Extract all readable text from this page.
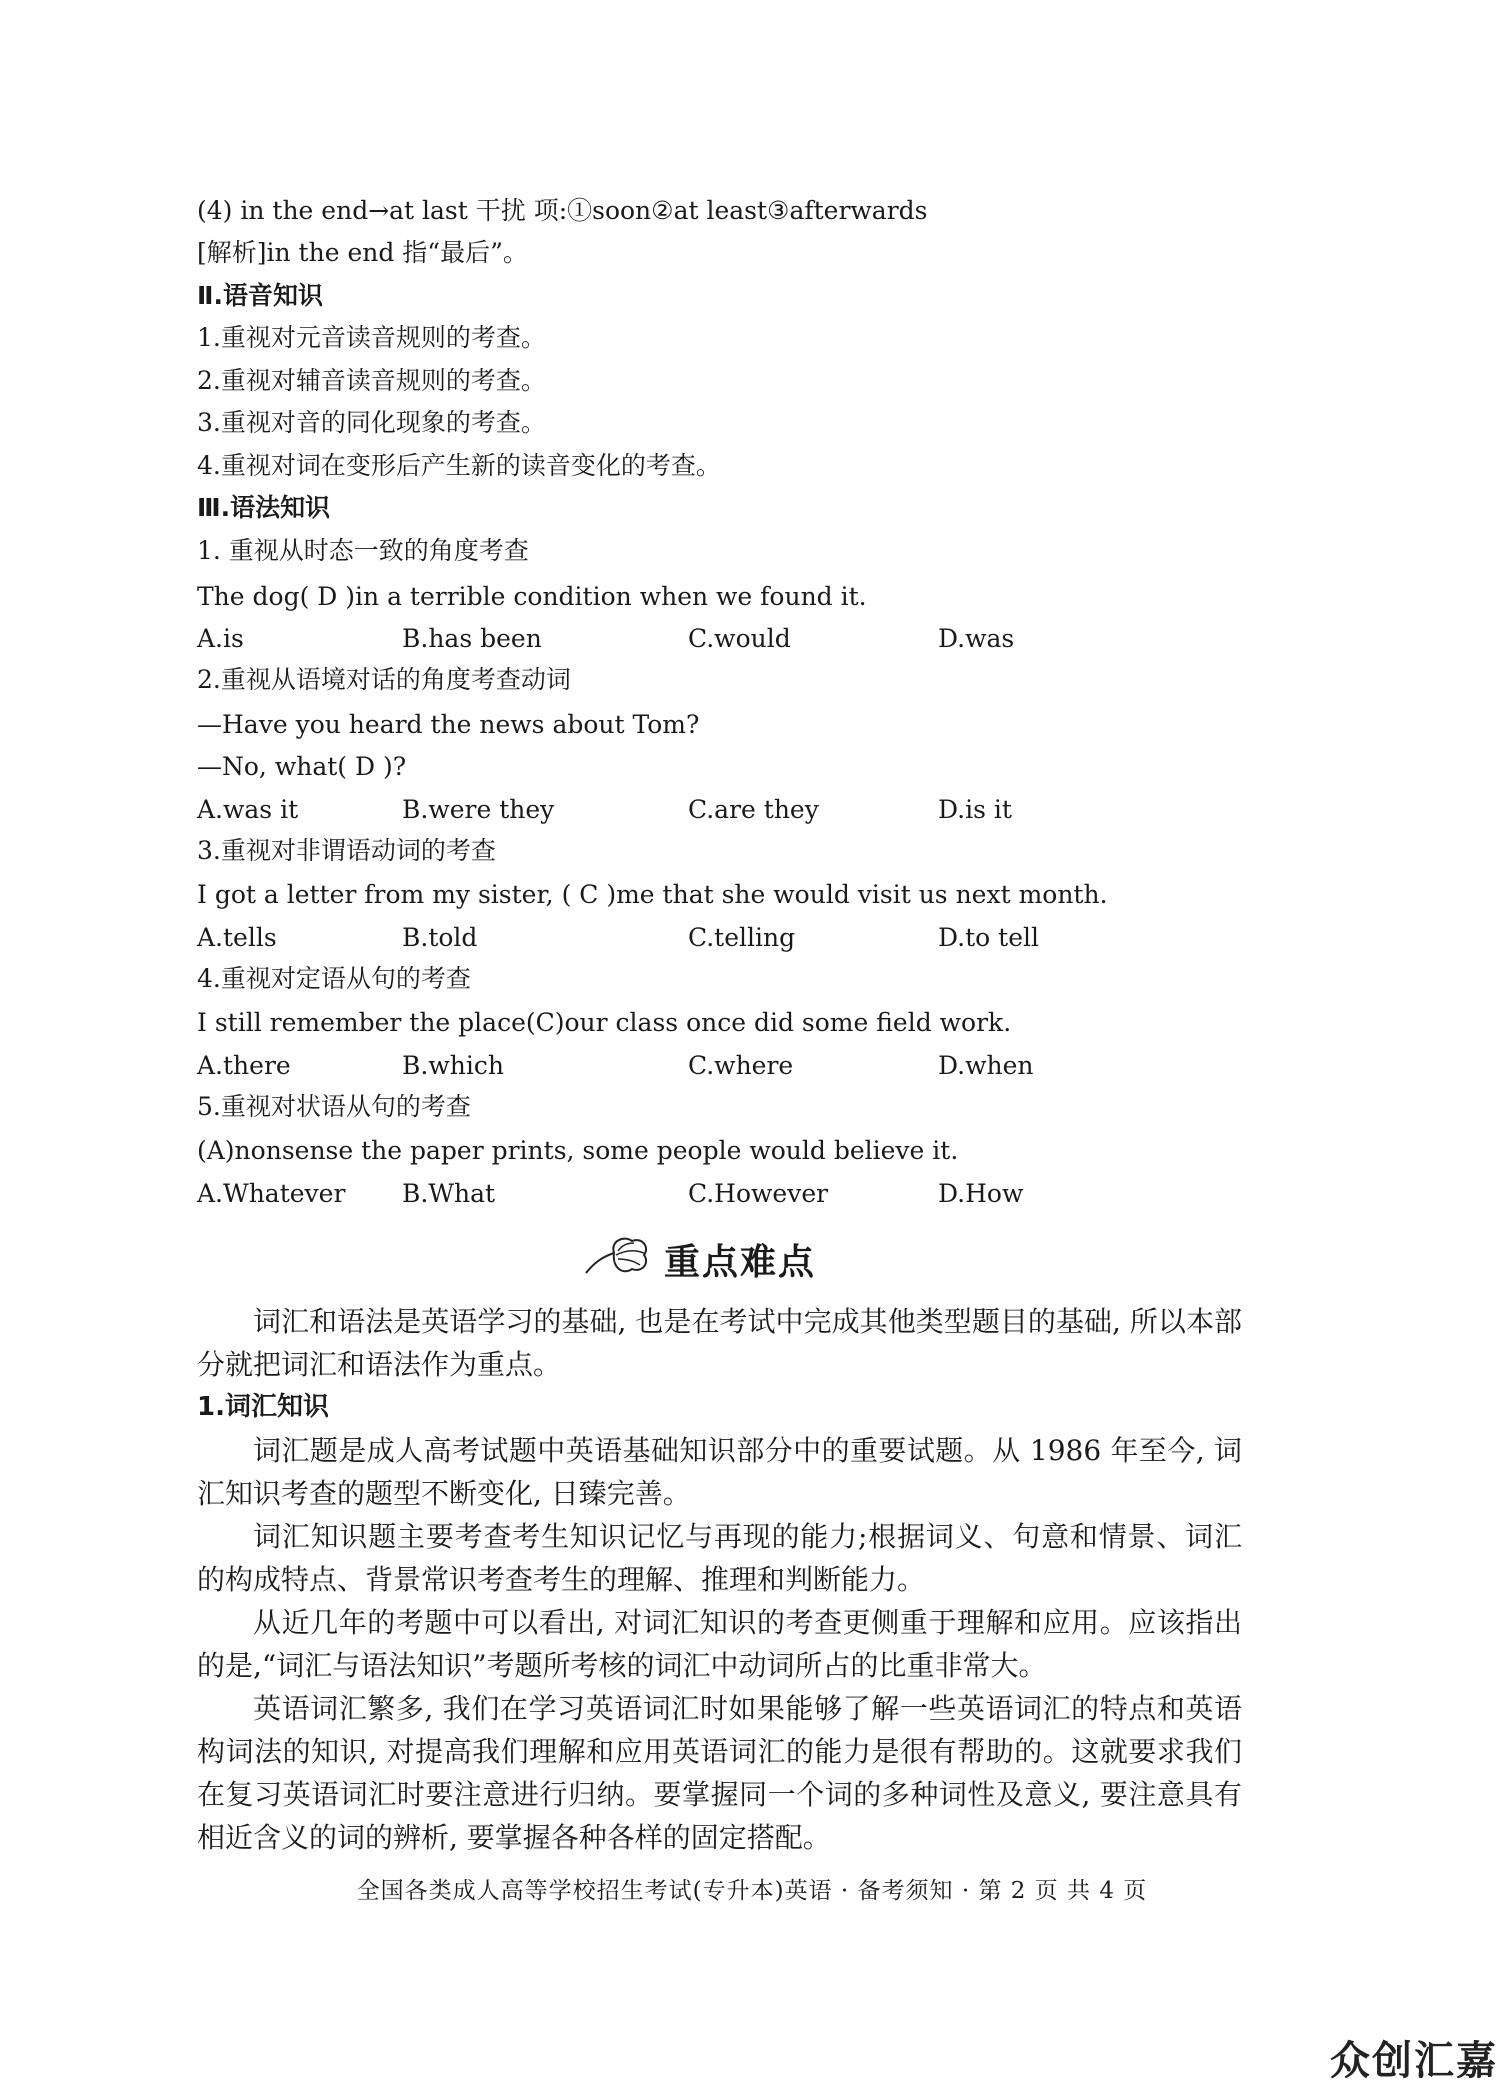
(4) in the end→at last 干扰 项:①soon②at least③afterwards
[解析]in the end 指“最后”。
Ⅱ.语音知识
1.重视对元音读音规则的考查。
2.重视对辅音读音规则的考查。
3.重视对音的同化现象的考查。
4.重视对词在变形后产生新的读音变化的考查。
Ⅲ.语法知识
1. 重视从时态一致的角度考查
The dog( D )in a terrible condition when we found it.
A.is	B.has been	C.would	D.was
2.重视从语境对话的角度考查动词
—Have you heard the news about Tom?
—No, what( D )?
A.was it	B.were they	C.are they	D.is it
3.重视对非谓语动词的考查
I got a letter from my sister, ( C )me that she would visit us next month.
A.tells	B.told	C.telling	D.to tell
4.重视对定语从句的考查
I still remember the place(C)our class once did some field work.
A.there	B.which	C.where	D.when
5.重视对状语从句的考查
(A)nonsense the paper prints, some people would believe it.
A.Whatever B.What	C.However	D.How
重点难点
词汇和语法是英语学习的基础, 也是在考试中完成其他类型题目的基础, 所以本部分就把词汇和语法作为重点。
1.词汇知识
词汇题是成人高考试题中英语基础知识部分中的重要试题。从 1986 年至今, 词汇知识考查的题型不断变化, 日臻完善。
词汇知识题主要考查考生知识记忆与再现的能力;根据词义、句意和情景、词汇的构成特点、背景常识考查考生的理解、推理和判断能力。
从近几年的考题中可以看出, 对词汇知识的考查更侧重于理解和应用。应该指出的是,“词汇与语法知识”考题所考核的词汇中动词所占的比重非常大。
英语词汇繁多, 我们在学习英语词汇时如果能够了解一些英语词汇的特点和英语构词法的知识, 对提高我们理解和应用英语词汇的能力是很有帮助的。这就要求我们在复习英语词汇时要注意进行归纳。要掌握同一个词的多种词性及意义, 要注意具有相近含义的词的辨析, 要掌握各种各样的固定搭配。
全国各类成人高等学校招生考试(专升本)英语 · 备考须知 · 第 2 页 共 4 页
众创汇嘉
